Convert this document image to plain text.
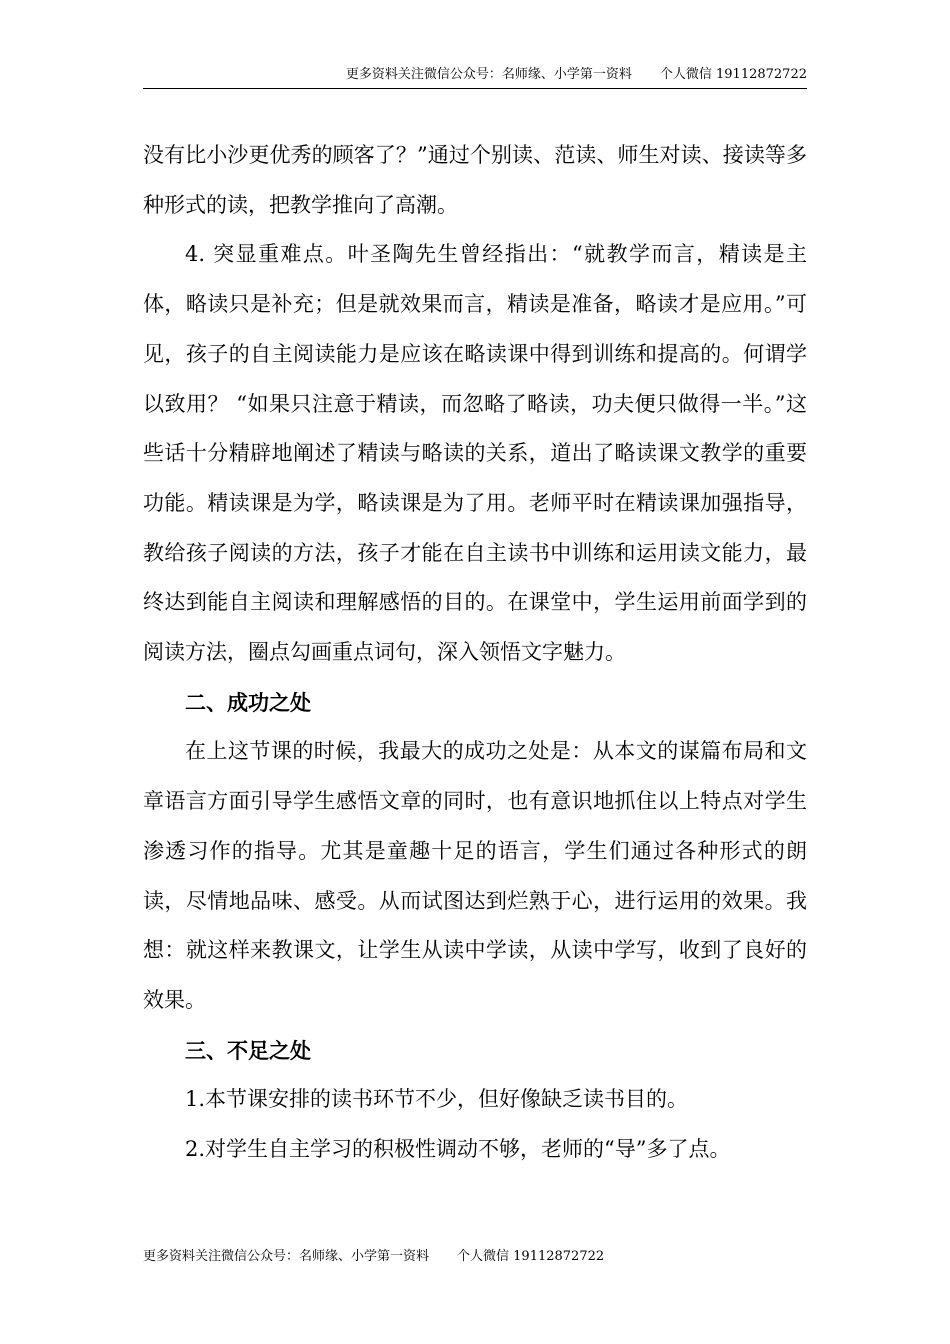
更多资料关注微信公众号：名师缘、小学第一资料 个人微信 19112872722

没有比小沙更优秀的顾客了？”通过个别读、范读、师生对读、接读等多种形式的读，把教学推向了高潮。

4. 突显重难点。叶圣陶先生曾经指出：“就教学而言，精读是主体，略读只是补充；但是就效果而言，精读是准备，略读才是应用。”可见，孩子的自主阅读能力是应该在略读课中得到训练和提高的。何谓学以致用？ “如果只注意于精读，而忽略了略读，功夫便只做得一半。”这些话十分精辟地阐述了精读与略读的关系，道出了略读课文教学的重要功能。精读课是为学，略读课是为了用。老师平时在精读课加强指导，教给孩子阅读的方法，孩子才能在自主读书中训练和运用读文能力，最终达到能自主阅读和理解感悟的目的。在课堂中，学生运用前面学到的阅读方法，圈点勾画重点词句，深入领悟文字魅力。

二、成功之处

在上这节课的时候，我最大的成功之处是：从本文的谋篇布局和文章语言方面引导学生感悟文章的同时，也有意识地抓住以上特点对学生渗透习作的指导。尤其是童趣十足的语言，学生们通过各种形式的朗读，尽情地品味、感受。从而试图达到烂熟于心，进行运用的效果。我想：就这样来教课文，让学生从读中学读，从读中学写，收到了良好的效果。

三、不足之处

1.本节课安排的读书环节不少，但好像缺乏读书目的。

2.对学生自主学习的积极性调动不够，老师的“导”多了点。

更多资料关注微信公众号：名师缘、小学第一资料 个人微信 19112872722
